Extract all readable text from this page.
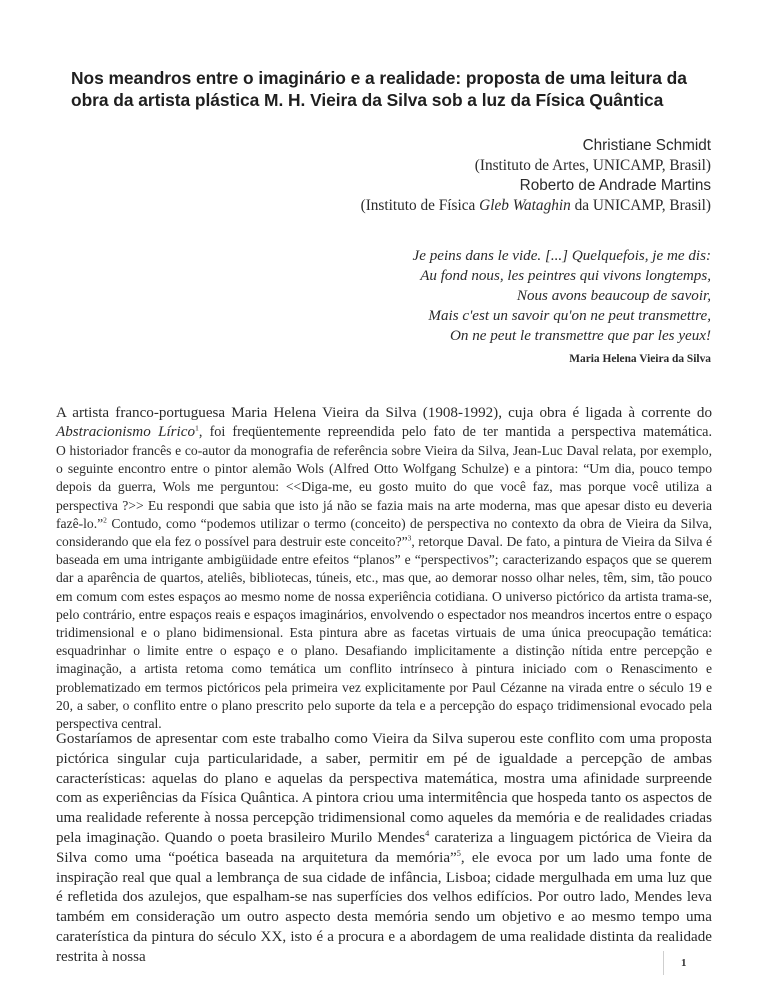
Nos meandros entre o imaginário e a realidade: proposta de uma leitura da obra da artista plástica M. H. Vieira da Silva sob a luz da Física Quântica
Christiane Schmidt
(Instituto de Artes, UNICAMP, Brasil)
Roberto de Andrade Martins
(Instituto de Física Gleb Wataghin da UNICAMP, Brasil)
Je peins dans le vide. [...] Quelquefois, je me dis:
Au fond nous, les peintres qui vivons longtemps,
Nous avons beaucoup de savoir,
Mais c'est un savoir qu'on ne peut transmettre,
On ne peut le transmettre que par les yeux!
Maria Helena Vieira da Silva
A artista franco-portuguesa Maria Helena Vieira da Silva (1908-1992), cuja obra é ligada à corrente do
Abstracionismo Lírico$^1$, foi freqüentemente repreendida pelo fato de ter mantida a perspectiva matemática.
O historiador francês e co-autor da monografia de referência sobre Vieira da Silva, Jean-Luc Daval relata, por exemplo, o seguinte encontro entre o pintor alemão Wols (Alfred Otto Wolfgang Schulze) e a pintora: “Um dia, pouco tempo depois da guerra, Wols me perguntou: <<Diga-me, eu gosto muito do que você faz, mas porque você utiliza a perspectiva ?>> Eu respondi que sabia que isto já não se fazia mais na arte moderna, mas que apesar disto eu deveria fazê-lo.”$^2$ Contudo, como “podemos utilizar o termo (conceito) de perspectiva no contexto da obra de Vieira da Silva, considerando que ela fez o possível para destruir este conceito?”$^3$, retorque Daval. De fato, a pintura de Vieira da Silva é baseada em uma intrigante ambigüidade entre efeitos “planos” e “perspectivos”; caracterizando espaços que se querem dar a aparência de quartos, ateliês, bibliotecas, túneis, etc., mas que, ao demorar nosso olhar neles, têm, sim, tão pouco em comum com estes espaços ao mesmo nome de nossa experiência cotidiana. O universo pictórico da artista trama-se, pelo contrário, entre espaços reais e espaços imaginários, envolvendo o espectador nos meandros incertos entre o espaço tridimensional e o plano bidimensional. Esta pintura abre as facetas virtuais de uma única preocupação temática: esquadrinhar o limite entre o espaço e o plano. Desafiando implicitamente a distinção nítida entre percepção e imaginação, a artista retoma como temática um conflito intrínseco à pintura iniciado com o Renascimento e problematizado em termos pictóricos pela primeira vez explicitamente por Paul Cézanne na virada entre o século 19 e 20, a saber, o conflito entre o plano prescrito pelo suporte da tela e a percepção do espaço tridimensional evocado pela perspectiva central.

Gostaríamos de apresentar com este trabalho como Vieira da Silva superou este conflito com uma proposta pictórica singular cuja particularidade, a saber, permitir em pé de igualdade a percepção de ambas características: aquelas do plano e aquelas da perspectiva matemática, mostra uma afinidade surpreende com as experiências da Física Quântica. A pintora criou uma intermitência que hospeda tanto os aspectos de uma realidade referente à nossa percepção tridimensional como aqueles da memória e de realidades criadas pela imaginação. Quando o poeta brasileiro Murilo Mendes$^4$ carateriza a linguagem pictórica de Vieira da Silva como uma “poética baseada na arquitetura da memória”$^5$, ele evoca por um lado uma fonte de inspiração real que qual a lembrança de sua cidade de infância, Lisboa; cidade mergulhada em uma luz que é refletida dos azulejos, que espalham-se nas superfícies dos velhos edifícios. Por outro lado, Mendes leva também em consideração um outro aspecto desta memória sendo um objetivo e ao mesmo tempo uma caraterística da pintura do século XX, isto é a procura e a abordagem de uma realidade distinta da realidade restrita à nossa	1
